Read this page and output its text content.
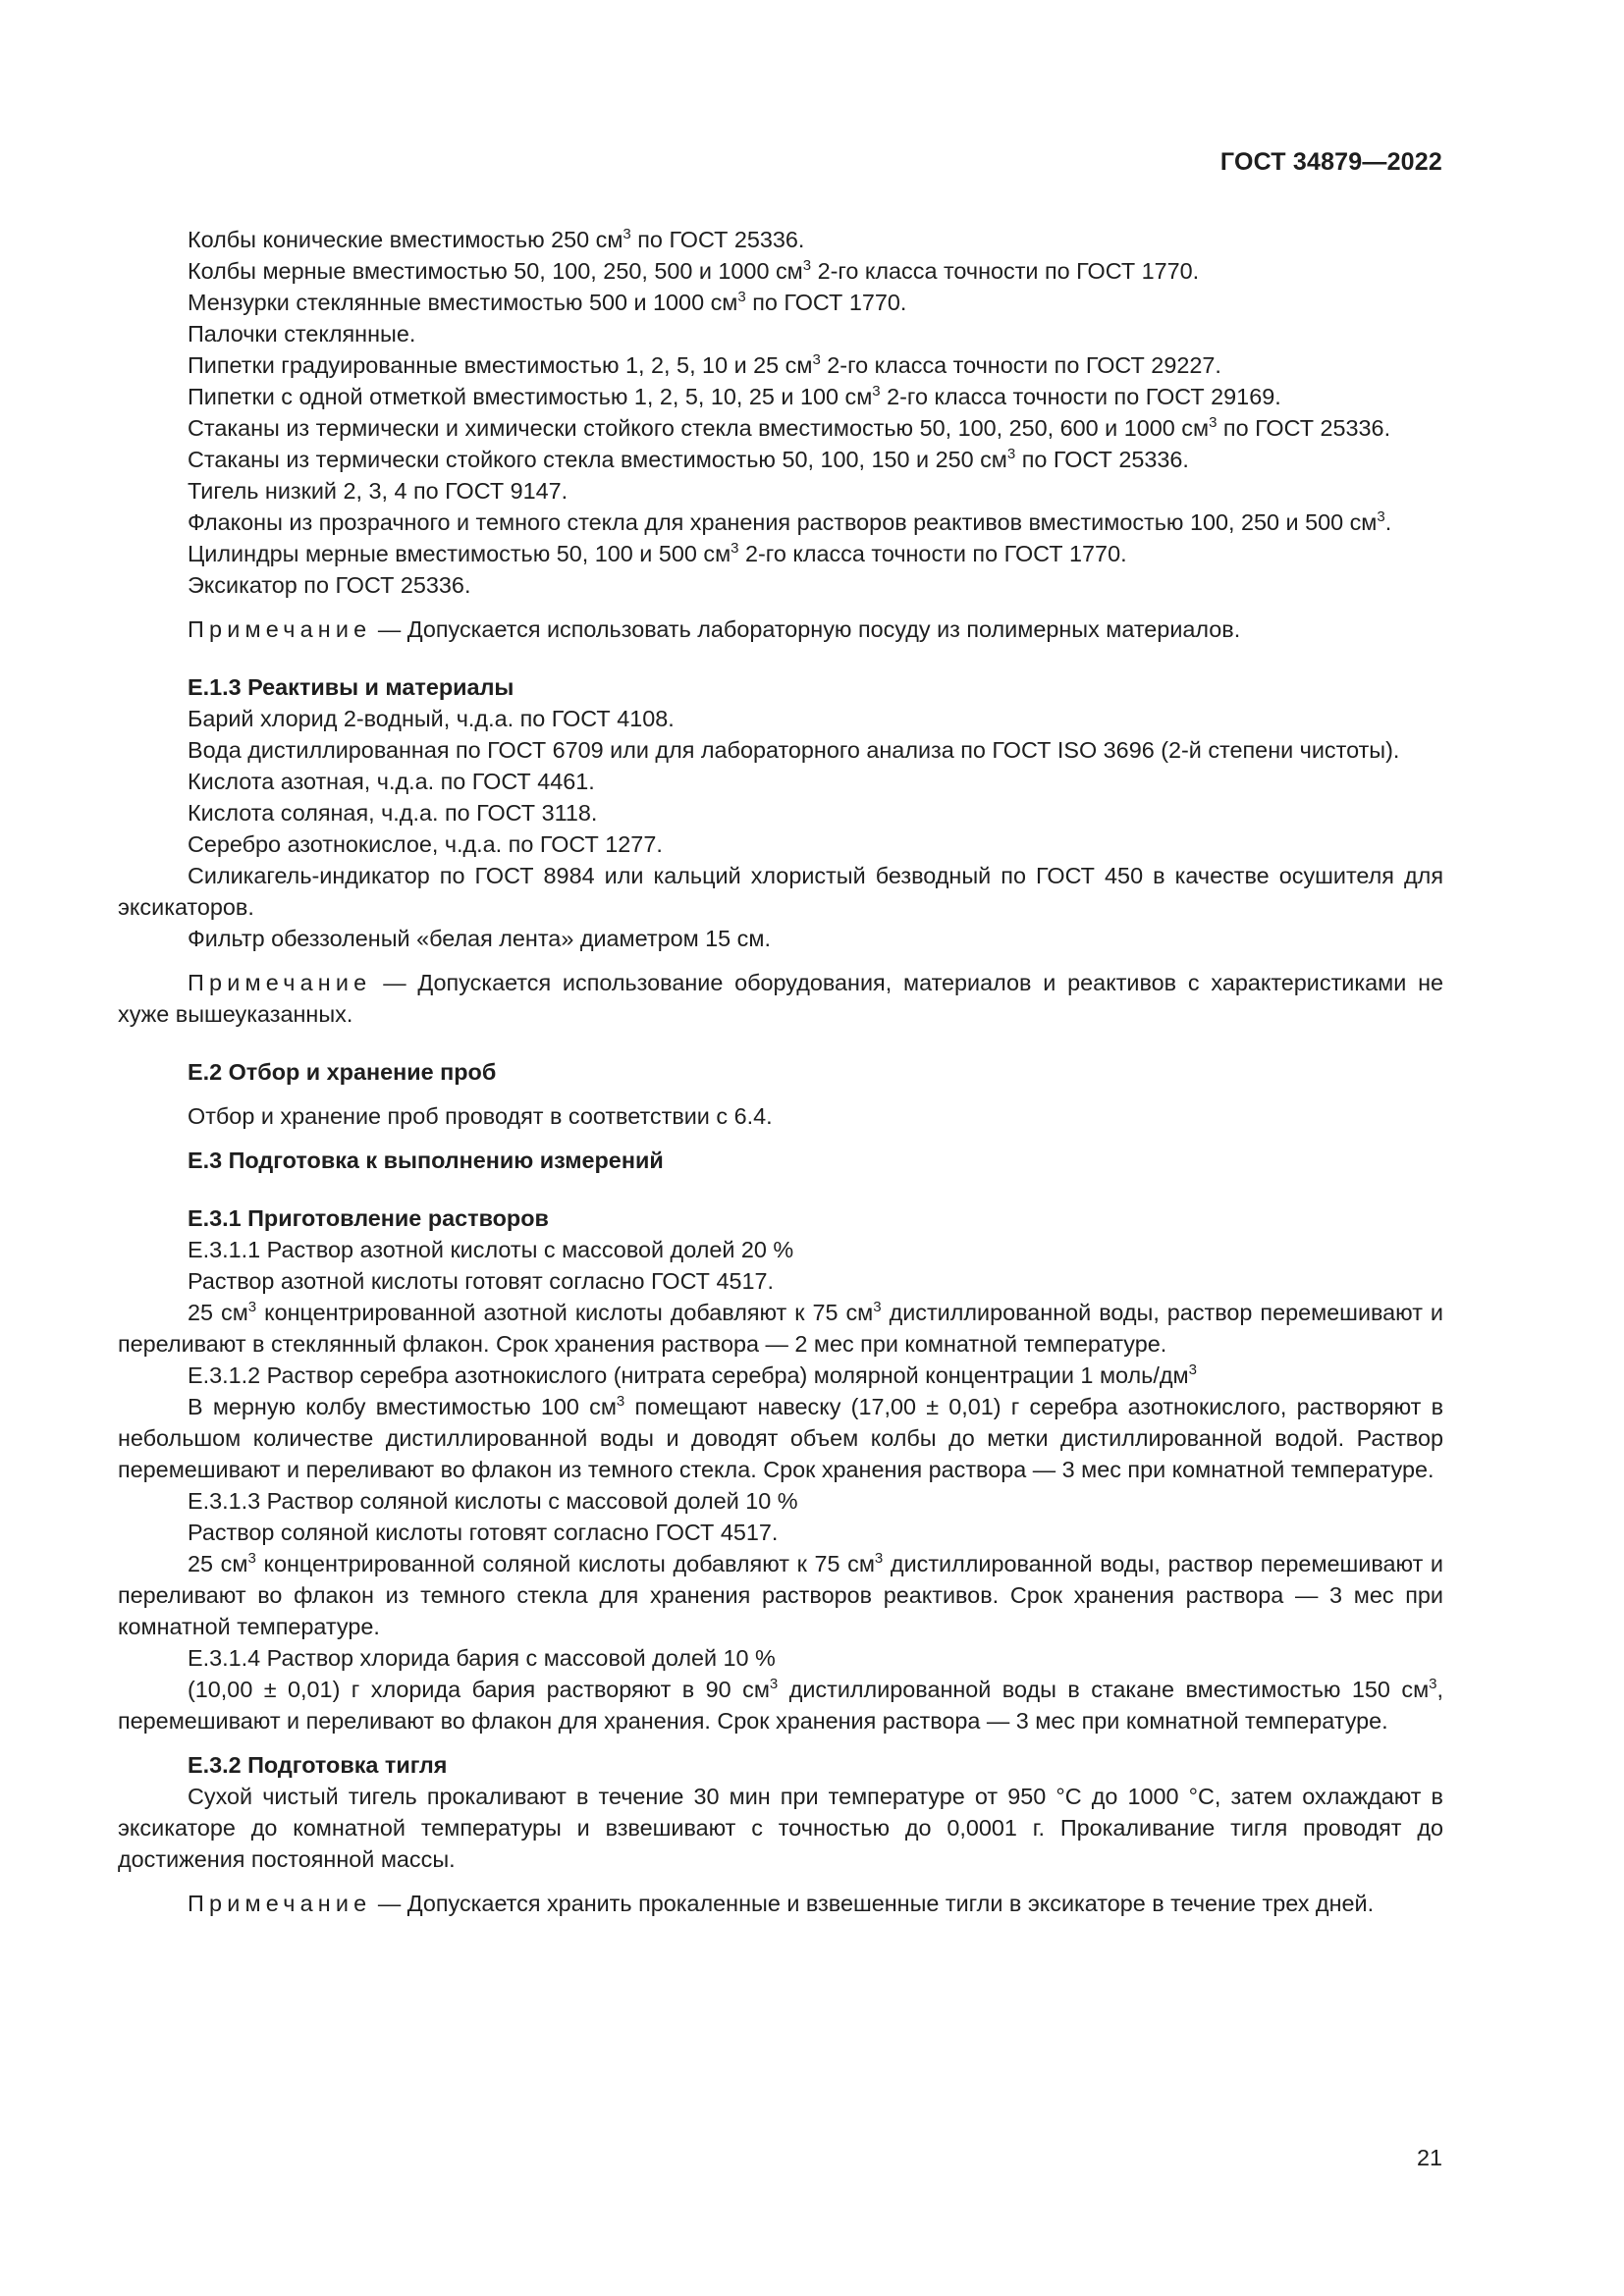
ГОСТ 34879—2022

Колбы конические вместимостью 250 $см^3$ по ГОСТ 25336.

Колбы мерные вместимостью 50, 100, 250, 500 и 1000 $см^3$ 2-го класса точности по ГОСТ 1770.

Мензурки стеклянные вместимостью 500 и 1000 $см^3$ по ГОСТ 1770.

Палочки стеклянные.

Пипетки градуированные вместимостью 1, 2, 5, 10 и 25 $см^3$ 2-го класса точности по ГОСТ 29227.

Пипетки с одной отметкой вместимостью 1, 2, 5, 10, 25 и 100 $см^3$ 2-го класса точности по ГОСТ 29169.

Стаканы из термически и химически стойкого стекла вместимостью 50, 100, 250, 600 и 1000 $см^3$ по ГОСТ 25336.

Стаканы из термически стойкого стекла вместимостью 50, 100, 150 и 250 $см^3$ по ГОСТ 25336.

Тигель низкий 2, 3, 4 по ГОСТ 9147.

Флаконы из прозрачного и темного стекла для хранения растворов реактивов вместимостью 100, 250 и 500 $см^3$.

Цилиндры мерные вместимостью 50, 100 и 500 $см^3$ 2-го класса точности по ГОСТ 1770.

Эксикатор по ГОСТ 25336.

Примечание — Допускается использовать лабораторную посуду из полимерных материалов.

Е.1.3 Реактивы и материалы

Барий хлорид 2-водный, ч.д.а. по ГОСТ 4108.

Вода дистиллированная по ГОСТ 6709 или для лабораторного анализа по ГОСТ ISO 3696 (2-й степени чистоты).

Кислота азотная, ч.д.а. по ГОСТ 4461.

Кислота соляная, ч.д.а. по ГОСТ 3118.

Серебро азотнокислое, ч.д.а. по ГОСТ 1277.

Силикагель-индикатор по ГОСТ 8984 или кальций хлористый безводный по ГОСТ 450 в качестве осушителя для эксикаторов.

Фильтр обеззоленый «белая лента» диаметром 15 см.

Примечание — Допускается использование оборудования, материалов и реактивов с характеристиками не хуже вышеуказанных.

Е.2 Отбор и хранение проб

Отбор и хранение проб проводят в соответствии с 6.4.

Е.3 Подготовка к выполнению измерений

Е.3.1 Приготовление растворов

Е.3.1.1 Раствор азотной кислоты с массовой долей 20 %

Раствор азотной кислоты готовят согласно ГОСТ 4517.

25 $см^3$ концентрированной азотной кислоты добавляют к 75 $см^3$ дистиллированной воды, раствор перемешивают и переливают в стеклянный флакон. Срок хранения раствора — 2 мес при комнатной температуре.

Е.3.1.2 Раствор серебра азотнокислого (нитрата серебра) молярной концентрации 1 моль/$дм^3$

В мерную колбу вместимостью 100 $см^3$ помещают навеску (17,00 ± 0,01) г серебра азотнокислого, растворяют в небольшом количестве дистиллированной воды и доводят объем колбы до метки дистиллированной водой. Раствор перемешивают и переливают во флакон из темного стекла. Срок хранения раствора — 3 мес при комнатной температуре.

Е.3.1.3 Раствор соляной кислоты с массовой долей 10 %

Раствор соляной кислоты готовят согласно ГОСТ 4517.

25 $см^3$ концентрированной соляной кислоты добавляют к 75 $см^3$ дистиллированной воды, раствор перемешивают и переливают во флакон из темного стекла для хранения растворов реактивов. Срок хранения раствора — 3 мес при комнатной температуре.

Е.3.1.4 Раствор хлорида бария с массовой долей 10 %

(10,00 ± 0,01) г хлорида бария растворяют в 90 $см^3$ дистиллированной воды в стакане вместимостью 150 $см^3$, перемешивают и переливают во флакон для хранения. Срок хранения раствора — 3 мес при комнатной температуре.

Е.3.2 Подготовка тигля

Сухой чистый тигель прокаливают в течение 30 мин при температуре от 950 °С до 1000 °С, затем охлаждают в эксикаторе до комнатной температуры и взвешивают с точностью до 0,0001 г. Прокаливание тигля проводят до достижения постоянной массы.

Примечание — Допускается хранить прокаленные и взвешенные тигли в эксикаторе в течение трех дней.

21
